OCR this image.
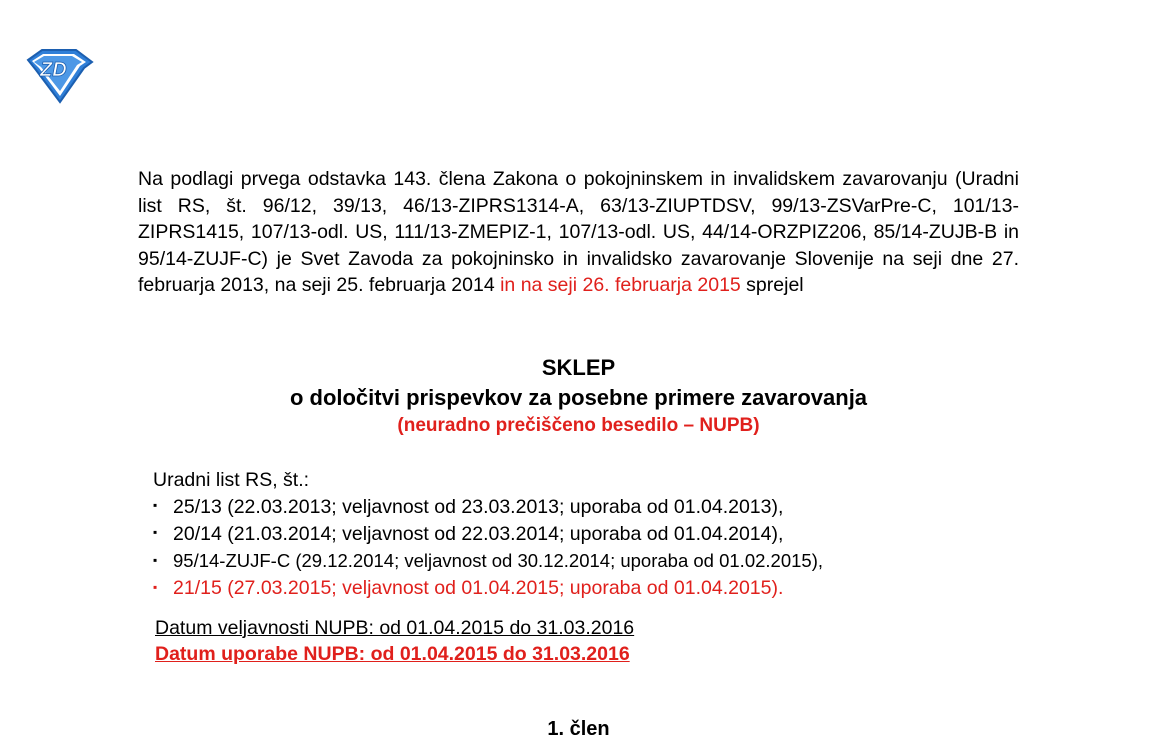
ZD

Na podlagi prvega odstavka 143. člena Zakona o pokojninskem in invalidskem zavarovanju (Uradni list RS, št. 96/12, 39/13, 46/13-ZIPRS1314-A, 63/13-ZIUPTDSV, 99/13-ZSVarPre-C, 101/13-ZIPRS1415, 107/13-odl. US, 111/13-ZMEPIZ-1, 107/13-odl. US, 44/14-ORZPIZ206, 85/14-ZUJB-B in 95/14-ZUJF-C) je Svet Zavoda za pokojninsko in invalidsko zavarovanje Slovenije na seji dne 27. februarja 2013, na seji 25. februarja 2014 in na seji 26. februarja 2015 sprejel

SKLEP

o določitvi prispevkov za posebne primere zavarovanja

(neuradno prečiščeno besedilo – NUPB)

Uradni list RS, št.:

▪ 25/13 (22.03.2013; veljavnost od 23.03.2013; uporaba od 01.04.2013),
▪ 20/14 (21.03.2014; veljavnost od 22.03.2014; uporaba od 01.04.2014),
▪ 95/14-ZUJF-C (29.12.2014; veljavnost od 30.12.2014; uporaba od 01.02.2015),
▪ 21/15 (27.03.2015; veljavnost od 01.04.2015; uporaba od 01.04.2015).

Datum veljavnosti NUPB: od 01.04.2015 do 31.03.2016

Datum uporabe NUPB: od 01.04.2015 do 31.03.2016

1. člen
